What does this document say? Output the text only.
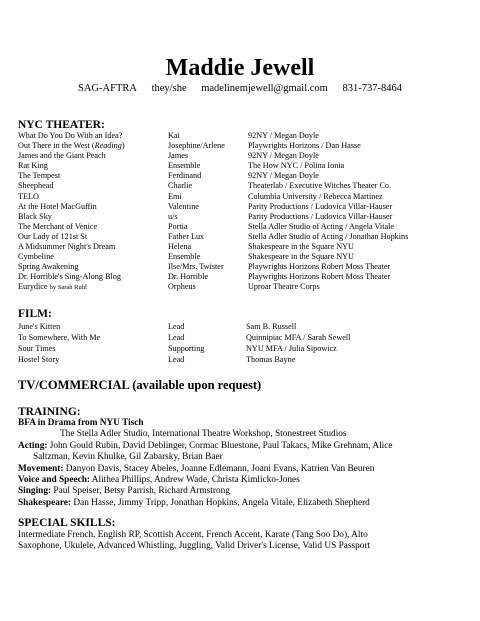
Maddie Jewell
SAG-AFTRA they/she madelinemjewell@gmail.com 831-737-8464
NYC THEATER:
What Do You Do With an Idea?	Kai	92NY / Megan Doyle
Out There in the West (Reading)	Josephine/Arlene	Playwrights Horizons / Dan Hasse
James and the Giant Peach	James	92NY / Megan Doyle
Rat King	Ensemble	The How NYC / Polina Ionia
The Tempest	Ferdinand	92NY / Megan Doyle
Sheephead	Charlie	Theaterlab / Executive Witches Theater Co.
TELO	Emi	Columbia University / Rebecca Martinez
At the Hotel MacGuffin	Valentine	Parity Productions / Ludovica Villar-Hauser
Black Sky	u/s	Parity Productions / Ludovica Villar-Hauser
The Merchant of Venice	Portia	Stella Adler Studio of Acting / Angela Vitale
Our Lady of 121st St	Father Lux	Stella Adler Studio of Acting / Jonathan Hopkins
A Midsummer Night's Dream	Helena	Shakespeare in the Square NYU
Cymbeline	Ensemble	Shakespeare in the Square NYU
Spring Awakening	Ilse/Mrs. Twister	Playwrights Horizons Robert Moss Theater
Dr. Horrible's Sing-Along Blog	Dr. Horrible	Playwrights Horizons Robert Moss Theater
Eurydice by Sarah Ruhl	Orpheus	Uproar Theatre Corps
FILM:
June's Kitten	Lead	Sam B. Russell
To Somewhere, With Me	Lead	Quinnipiac MFA / Sarah Sewell
Sour Times	Supporting	NYU MFA / Julia Sipowicz
Hostel Story	Lead	Thomas Bayne
TV/COMMERCIAL (available upon request)
TRAINING:
BFA in Drama from NYU Tisch
The Stella Adler Studio, International Theatre Workshop, Stonestreet Studios
Acting: John Gould Rubin, David Deblinger, Cormac Bluestone, Paul Takacs, Mike Grehnam, Alice
Saltzman, Kevin Khulke, Gil Zabarsky, Brian Baer
Movement: Danyon Davis, Stacey Abeles, Joanne Edlemann, Joani Evans, Katrien Van Beuren
Voice and Speech: Alithea Phillips, Andrew Wade, Christa Kimlicko-Jones
Singing: Paul Speiser, Betsy Parrish, Richard Armstrong
Shakespeare: Dan Hasse, Jimmy Tripp, Jonathan Hopkins, Angela Vitale, Elizabeth Shepherd
SPECIAL SKILLS:
Intermediate French, English RP, Scottish Accent, French Accent, Karate (Tang Soo Do), Alto
Saxophone, Ukulele, Advanced Whistling, Juggling, Valid Driver's License, Valid US Passport
